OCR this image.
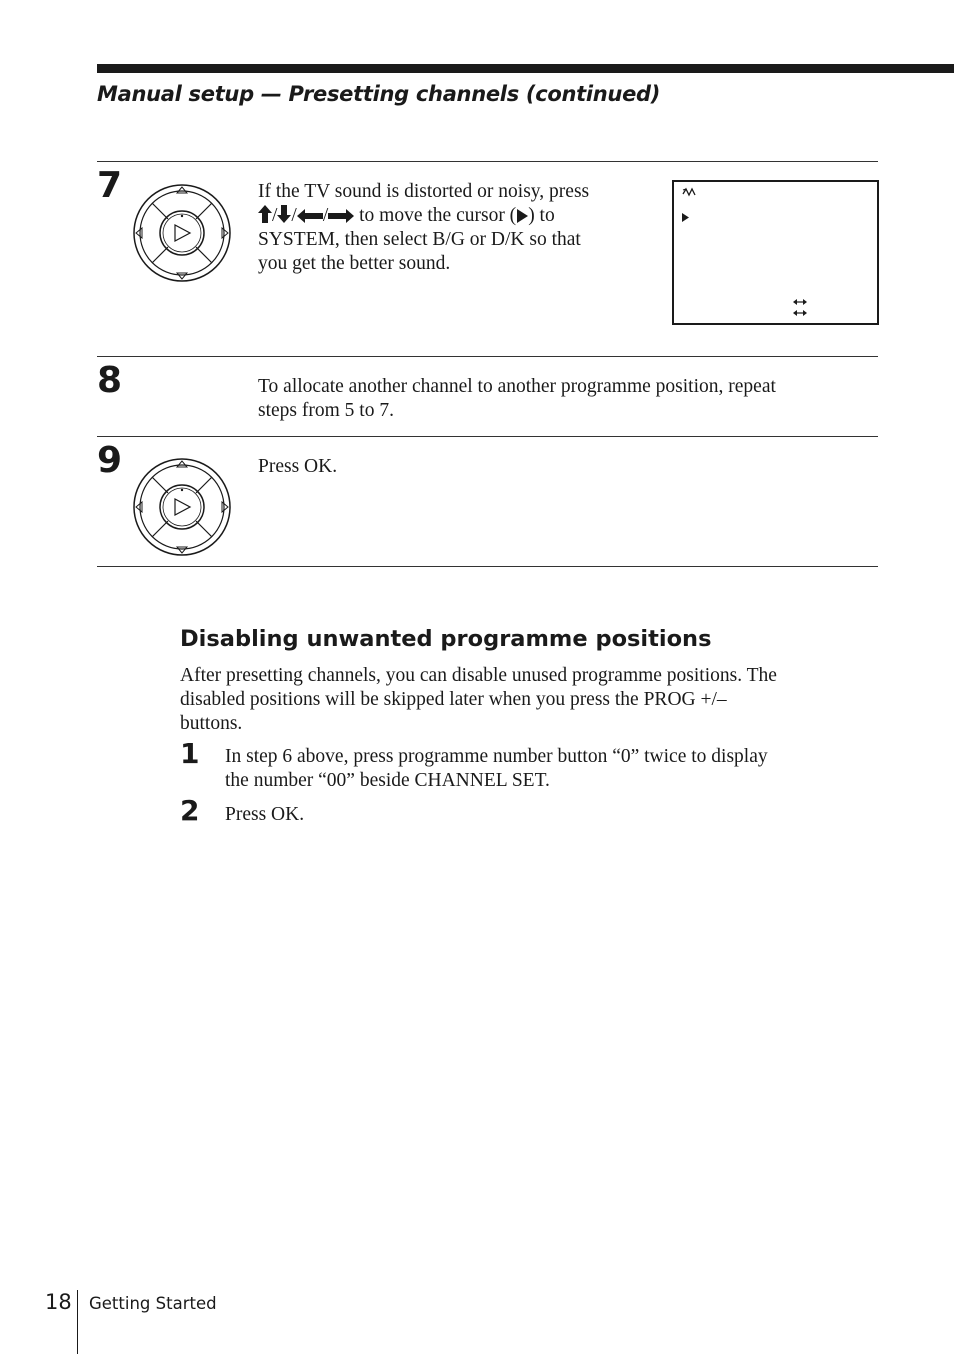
Manual setup — Presetting channels (continued)
7	If the TV sound is distorted or noisy, press
/ / / to move the cursor ( ) to
SYSTEM, then select B/G or D/K so that
you get the better sound.
8	To allocate another channel to another programme position, repeat
steps from 5 to 7.
9	Press OK.
Disabling unwanted programme positions
After presetting channels, you can disable unused programme positions. The
disabled positions will be skipped later when you press the PROG +/–
buttons.
1 In step 6 above, press programme number button “0” twice to display
the number “00” beside CHANNEL SET.
2 Press OK.
18 Getting Started
